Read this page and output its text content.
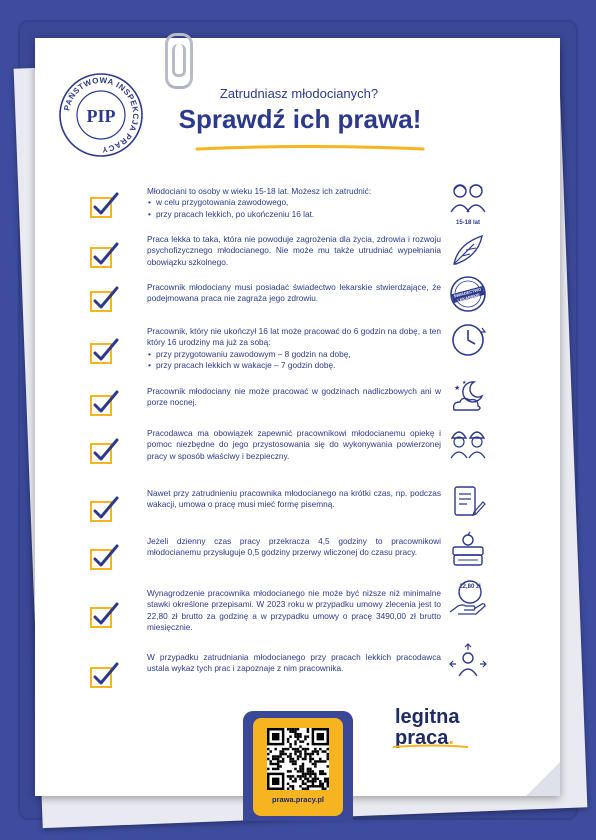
PAŃSTWOWA INSPEKCJA PRACY
PIP
Zatrudniasz młodocianych?
Sprawdź ich prawa!
Młodociani to osoby w wieku 15-18 lat. Możesz ich zatrudnić:
• w celu przygotowania zawodowego,
• przy pracach lekkich, po ukończeniu 16 lat.
15-18 lat
Praca lekka to taka, która nie powoduje zagrożenia dla życia, zdrowia i rozwoju psychofizycznego młodocianego. Nie może mu także utrudniać wypełniania obowiązku szkolnego.
Pracownik młodociany musi posiadać świadectwo lekarskie stwierdzające, że podejmowana praca nie zagraża jego zdrowiu.	ŚWIADECTWO LEKARSKIE
Pracownik, który nie ukończył 16 lat może pracować do 6 godzin na dobę, a ten który 16 urodziny ma już za sobą:
• przy przygotowaniu zawodowym – 8 godzin na dobę,
• przy pracach lekkich w wakacje – 7 godzin dobę.
Pracownik młodociany nie może pracować w godzinach nadliczbowych ani w porze nocnej.
★
★
Pracodawca ma obowiązek zapewnić pracownikowi młodocianemu opiekę i pomoc niezbędne do jego przystosowania się do wykonywania powierzonej pracy w sposób właściwy i bezpieczny.
Nawet przy zatrudnieniu pracownika młodocianego na krótki czas, np. podczas wakacji, umowa o pracę musi mieć formę pisemną.
Jeżeli dzienny czas pracy przekracza 4,5 godziny to pracownikowi młodocianemu przysługuje 0,5 godziny przerwy wliczonej do czasu pracy.
Wynagrodzenie pracownika młodocianego nie może być niższe niż minimalne stawki określone przepisami. W 2023 roku w przypadku umowy zlecenia jest to 22,80 zł brutto za godzinę a w przypadku umowy o pracę 3490,00 zł brutto miesięcznie.
22,80 zł
W przypadku zatrudniania młodocianego przy pracach lekkich pracodawca ustala wykaz tych prac i zapoznaje z nim pracownika.
prawa.pracy.pl
legitna
praca.
